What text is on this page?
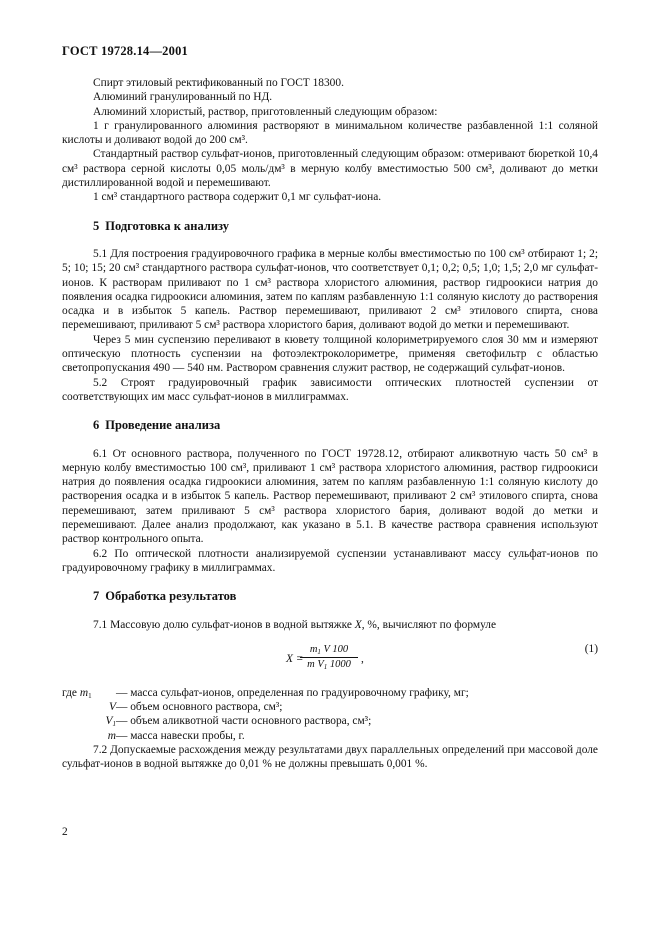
ГОСТ 19728.14—2001

Спирт этиловый ректификованный по ГОСТ 18300.

Алюминий гранулированный по НД.

Алюминий хлористый, раствор, приготовленный следующим образом:

1 г гранулированного алюминия растворяют в минимальном количестве разбавленной 1:1 соляной кислоты и доливают водой до 200 см³.

Стандартный раствор сульфат-ионов, приготовленный следующим образом: отмеривают бюреткой 10,4 см³ раствора серной кислоты 0,05 моль/дм³ в мерную колбу вместимостью 500 см³, доливают до метки дистиллированной водой и перемешивают.

1 см³ стандартного раствора содержит 0,1 мг сульфат-иона.

5 Подготовка к анализу

5.1 Для построения градуировочного графика в мерные колбы вместимостью по 100 см³ отбирают 1; 2; 5; 10; 15; 20 см³ стандартного раствора сульфат-ионов, что соответствует 0,1; 0,2; 0,5; 1,0; 1,5; 2,0 мг сульфат-ионов. К растворам приливают по 1 см³ раствора хлористого алюминия, раствор гидроокиси натрия до появления осадка гидроокиси алюминия, затем по каплям разбавленную 1:1 соляную кислоту до растворения осадка и в избыток 5 капель. Раствор перемешивают, приливают 2 см³ этилового спирта, снова перемешивают, приливают 5 см³ раствора хлористого бария, доливают водой до метки и перемешивают.

Через 5 мин суспензию переливают в кювету толщиной колориметрируемого слоя 30 мм и измеряют оптическую плотность суспензии на фотоэлектроколориметре, применяя светофильтр с областью светопропускания 490 — 540 нм. Раствором сравнения служит раствор, не содержащий сульфат-ионов.

5.2 Строят градуировочный график зависимости оптических плотностей суспензии от соответствующих им масс сульфат-ионов в миллиграммах.

6 Проведение анализа

6.1 От основного раствора, полученного по ГОСТ 19728.12, отбирают аликвотную часть 50 см³ в мерную колбу вместимостью 100 см³, приливают 1 см³ раствора хлористого алюминия, раствор гидроокиси натрия до появления осадка гидроокиси алюминия, затем по каплям разбавленную 1:1 соляную кислоту до растворения осадка и в избыток 5 капель. Раствор перемешивают, приливают 2 см³ этилового спирта, снова перемешивают, затем приливают 5 см³ раствора хлористого бария, доливают водой до метки и перемешивают. Далее анализ продолжают, как указано в 5.1. В качестве раствора сравнения используют раствор контрольного опыта.

6.2 По оптической плотности анализируемой суспензии устанавливают массу сульфат-ионов по градуировочному графику в миллиграммах.

7 Обработка результатов

7.1 Массовую долю сульфат-ионов в водной вытяжке X, %, вычисляют по формуле

X =
$m_1$ V 100
m $V_1$ 1000 ,
(1)
где $m_1$	— масса сульфат-ионов, определенная по градуировочному графику, мг;
V — объем основного раствора, см³;
$V_1$ — объем аликвотной части основного раствора, см³;
m — масса навески пробы, г.

7.2 Допускаемые расхождения между результатами двух параллельных определений при массовой доле сульфат-ионов в водной вытяжке до 0,01 % не должны превышать 0,001 %.

2
